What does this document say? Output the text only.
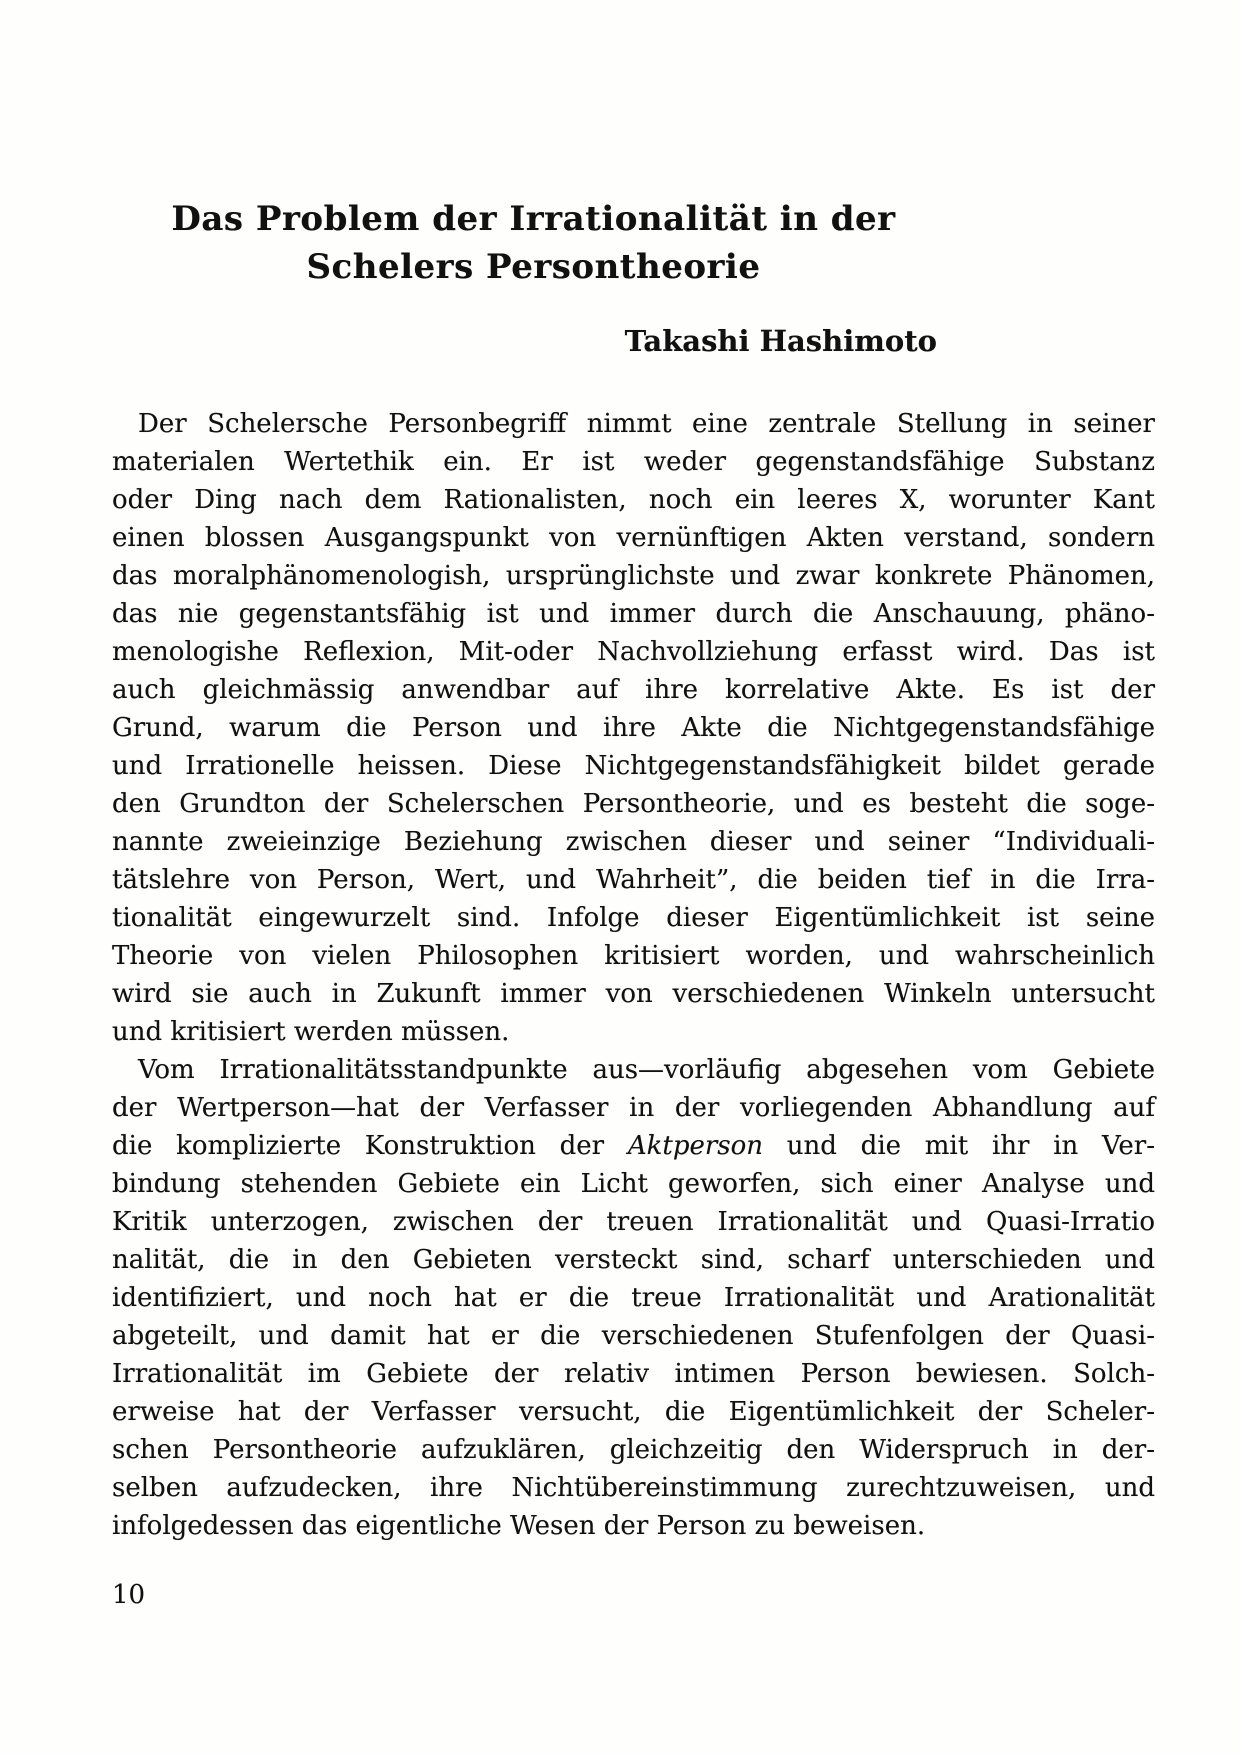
Das Problem der Irrationalität in der
Schelers Persontheorie
Takashi Hashimoto
Der Schelersche Personbegriff nimmt eine zentrale Stellung in seiner
materialen Wertethik ein. Er ist weder gegenstandsfähige Substanz
oder Ding nach dem Rationalisten, noch ein leeres X, worunter Kant
einen blossen Ausgangspunkt von vernünftigen Akten verstand, sondern
das moralphänomenologish, ursprünglichste und zwar konkrete Phänomen,
das nie gegenstantsfähig ist und immer durch die Anschauung, phäno-
menologishe Reflexion, Mit-oder Nachvollziehung erfasst wird. Das ist
auch gleichmässig anwendbar auf ihre korrelative Akte. Es ist der
Grund, warum die Person und ihre Akte die Nichtgegenstandsfähige
und Irrationelle heissen. Diese Nichtgegenstandsfähigkeit bildet gerade
den Grundton der Schelerschen Persontheorie, und es besteht die soge-
nannte zweieinzige Beziehung zwischen dieser und seiner “Individuali-
tätslehre von Person, Wert, und Wahrheit”, die beiden tief in die Irra-
tionalität eingewurzelt sind. Infolge dieser Eigentümlichkeit ist seine
Theorie von vielen Philosophen kritisiert worden, und wahrscheinlich
wird sie auch in Zukunft immer von verschiedenen Winkeln untersucht
und kritisiert werden müssen.
Vom Irrationalitätsstandpunkte aus—vorläufig abgesehen vom Gebiete
der Wertperson—hat der Verfasser in der vorliegenden Abhandlung auf
die komplizierte Konstruktion der Aktperson und die mit ihr in Ver-
bindung stehenden Gebiete ein Licht geworfen, sich einer Analyse und
Kritik unterzogen, zwischen der treuen Irrationalität und Quasi-Irratio
nalität, die in den Gebieten versteckt sind, scharf unterschieden und
identifiziert, und noch hat er die treue Irrationalität und Arationalität
abgeteilt, und damit hat er die verschiedenen Stufenfolgen der Quasi-
Irrationalität im Gebiete der relativ intimen Person bewiesen. Solch-
erweise hat der Verfasser versucht, die Eigentümlichkeit der Scheler-
schen Persontheorie aufzuklären, gleichzeitig den Widerspruch in der-
selben aufzudecken, ihre Nichtübereinstimmung zurechtzuweisen, und
infolgedessen das eigentliche Wesen der Person zu beweisen.
10
